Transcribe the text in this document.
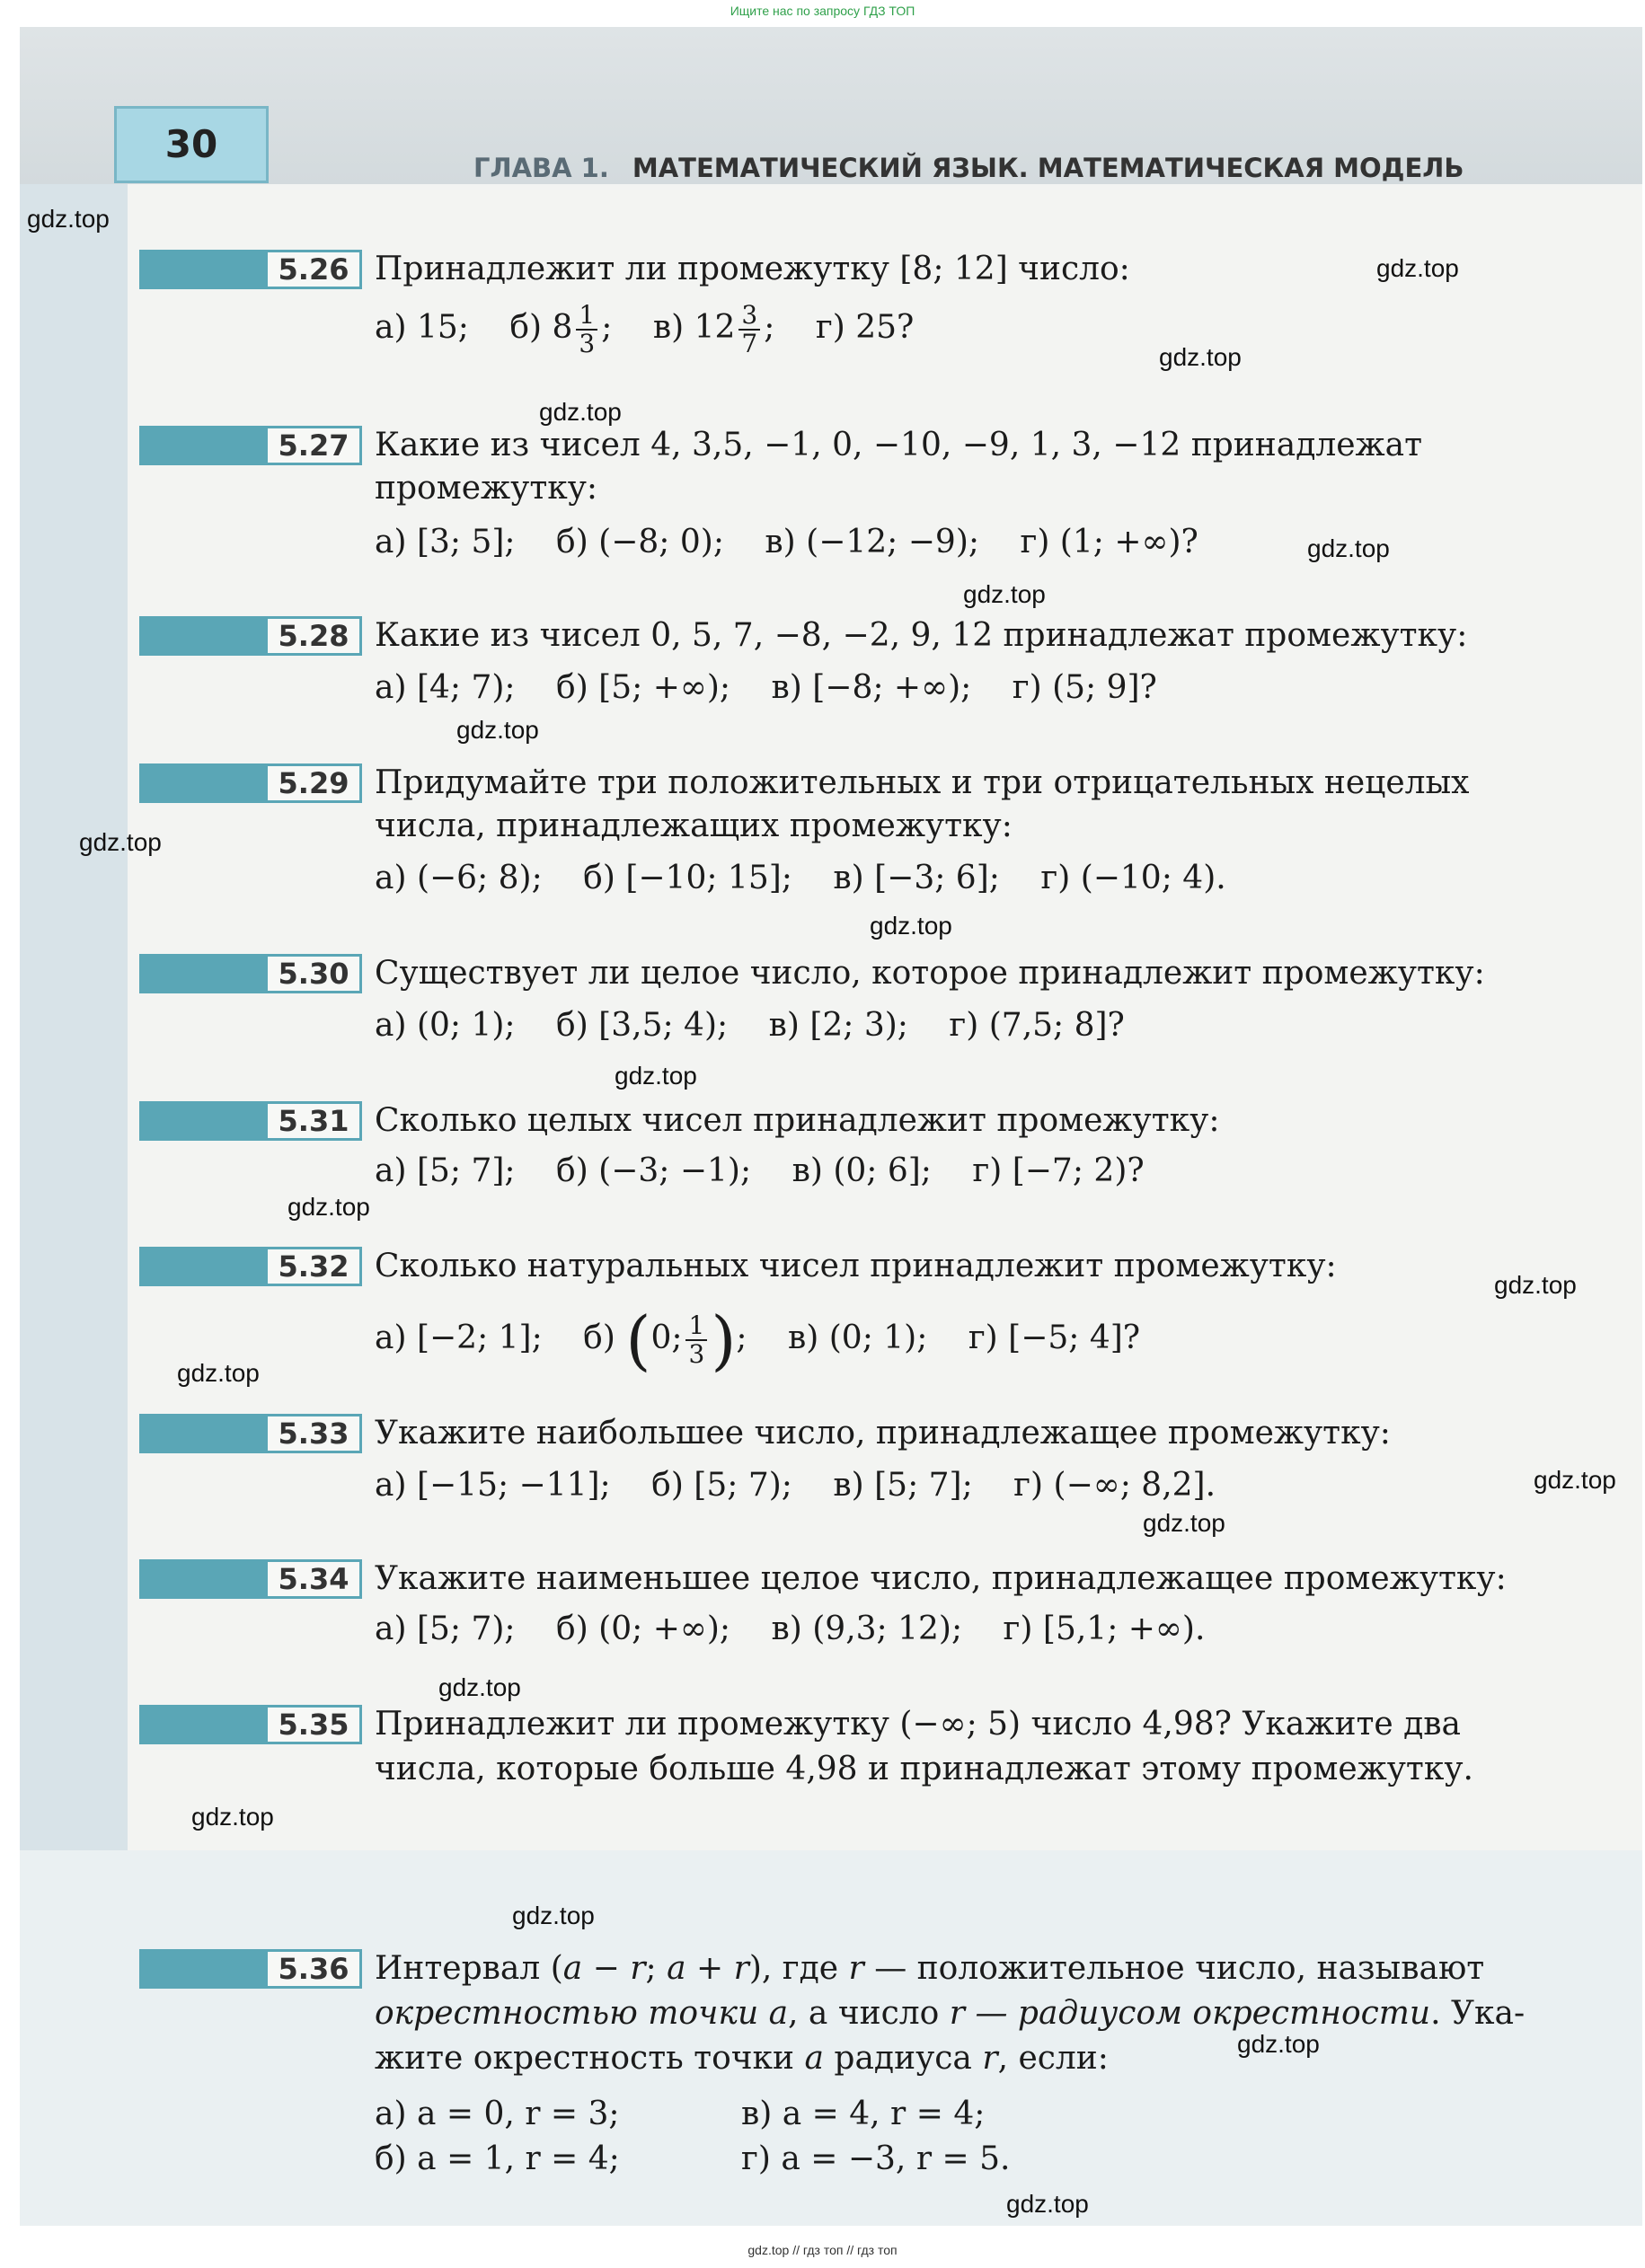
Ищите нас по запросу ГДЗ ТОП
30
ГЛАВА 1. МАТЕМАТИЧЕСКИЙ ЯЗЫК. МАТЕМАТИЧЕСКАЯ МОДЕЛЬ
5.26 Принадлежит ли промежутку [8; 12] число:
а) 15; б) $8 \frac{1}{3}$ ; в) $12 \frac{3}{7}$ ; г) 25?
5.27 Какие из чисел 4, 3,5, −1, 0, −10, −9, 1, 3, −12 принадлежат
промежутку:
а) [3; 5]; б) (−8; 0); в) (−12; −9); г) (1; +∞)?
5.28 Какие из чисел 0, 5, 7, −8, −2, 9, 12 принадлежат промежутку:
а) [4; 7); б) [5; +∞); в) [−8; +∞); г) (5; 9]?
5.29 Придумайте три положительных и три отрицательных нецелых
числа, принадлежащих промежутку:
а) (−6; 8); б) [−10; 15]; в) [−3; 6]; г) (−10; 4).
5.30 Существует ли целое число, которое принадлежит промежутку:
а) (0; 1); б) [3,5; 4); в) [2; 3); г) (7,5; 8]?
5.31 Сколько целых чисел принадлежит промежутку:
а) [5; 7]; б) (−3; −1); в) (0; 6]; г) [−7; 2)?
5.32 Сколько натуральных чисел принадлежит промежутку:
а) [−2; 1]; б) (0; $\frac{1}{3}$ ); в) (0; 1); г) [−5; 4]?
5.33 Укажите наибольшее число, принадлежащее промежутку:
а) [−15; −11]; б) [5; 7); в) [5; 7]; г) (−∞; 8,2].
5.34 Укажите наименьшее целое число, принадлежащее промежутку:
а) [5; 7); б) (0; +∞); в) (9,3; 12); г) [5,1; +∞).
5.35 Принадлежит ли промежутку (−∞; 5) число 4,98? Укажите два
числа, которые больше 4,98 и принадлежат этому промежутку.
5.36 Интервал (a − r; a + r), где r — положительное число, называют
окрестностью точки a, а число r — радиусом окрестности. Ука-
жите окрестность точки a радиуса r, если:
а) a = 0, r = 3;	в) a = 4, r = 4;
б) a = 1, r = 4;	г) a = −3, r = 5.
gdz.top
gdz.top
gdz.top
gdz.top
gdz.top
gdz.top
gdz.top
gdz.top
gdz.top
gdz.top
gdz.top
gdz.top
gdz.top
gdz.top
gdz.top
gdz.top
gdz.top
gdz.top
gdz.top
gdz.top
gdz.top // гдз топ // гдз топ
